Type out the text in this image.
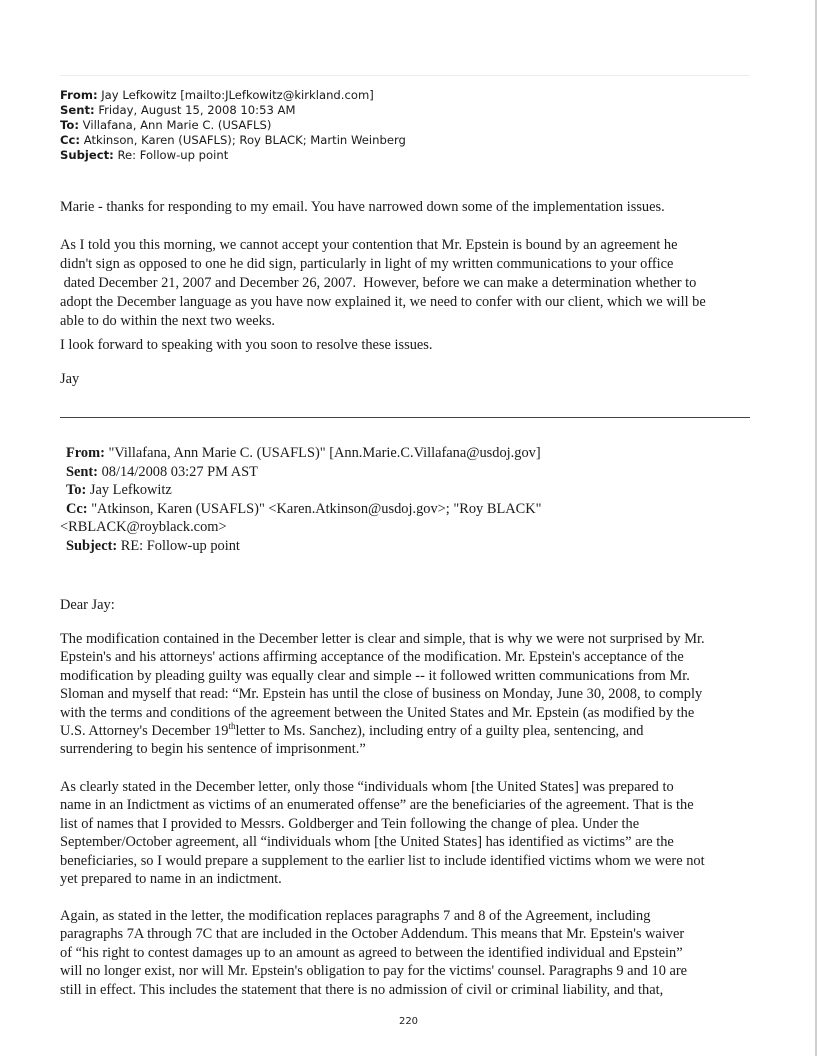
From: Jay Lefkowitz [mailto:JLefkowitz@kirkland.com]
Sent: Friday, August 15, 2008 10:53 AM
To: Villafana, Ann Marie C. (USAFLS)
Cc: Atkinson, Karen (USAFLS); Roy BLACK; Martin Weinberg
Subject: Re: Follow-up point

Marie - thanks for responding to my email. You have narrowed down some of the implementation issues.

As I told you this morning, we cannot accept your contention that Mr. Epstein is bound by an agreement he
didn't sign as opposed to one he did sign, particularly in light of my written communications to your office
dated December 21, 2007 and December 26, 2007.  However, before we can make a determination whether to
adopt the December language as you have now explained it, we need to confer with our client, which we will be
able to do within the next two weeks.

I look forward to speaking with you soon to resolve these issues.

Jay

From: "Villafana, Ann Marie C. (USAFLS)" [Ann.Marie.C.Villafana@usdoj.gov]
Sent: 08/14/2008 03:27 PM AST
To: Jay Lefkowitz
Cc: "Atkinson, Karen (USAFLS)" <Karen.Atkinson@usdoj.gov>; "Roy BLACK"
<RBLACK@royblack.com>
Subject: RE: Follow-up point

Dear Jay:

The modification contained in the December letter is clear and simple, that is why we were not surprised by Mr.
Epstein's and his attorneys' actions affirming acceptance of the modification. Mr. Epstein's acceptance of the
modification by pleading guilty was equally clear and simple -- it followed written communications from Mr.
Sloman and myself that read: “Mr. Epstein has until the close of business on Monday, June 30, 2008, to comply
with the terms and conditions of the agreement between the United States and Mr. Epstein (as modified by the
U.S. Attorney's December 19thletter to Ms. Sanchez), including entry of a guilty plea, sentencing, and
surrendering to begin his sentence of imprisonment.”
As clearly stated in the December letter, only those “individuals whom [the United States] was prepared to
name in an Indictment as victims of an enumerated offense” are the beneficiaries of the agreement. That is the
list of names that I provided to Messrs. Goldberger and Tein following the change of plea. Under the
September/October agreement, all “individuals whom [the United States] has identified as victims” are the
beneficiaries, so I would prepare a supplement to the earlier list to include identified victims whom we were not
yet prepared to name in an indictment.
Again, as stated in the letter, the modification replaces paragraphs 7 and 8 of the Agreement, including
paragraphs 7A through 7C that are included in the October Addendum. This means that Mr. Epstein's waiver
of “his right to contest damages up to an amount as agreed to between the identified individual and Epstein”
will no longer exist, nor will Mr. Epstein's obligation to pay for the victims' counsel. Paragraphs 9 and 10 are
still in effect. This includes the statement that there is no admission of civil or criminal liability, and that,
220
